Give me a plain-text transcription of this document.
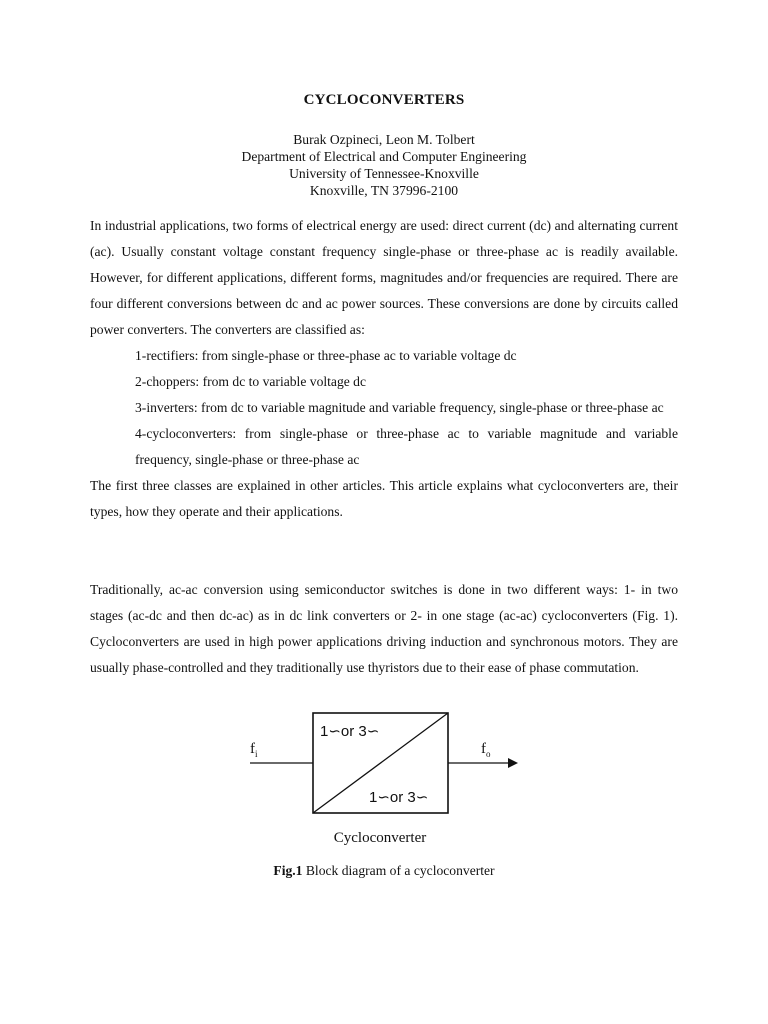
CYCLOCONVERTERS
Burak Ozpineci, Leon M. Tolbert
Department of Electrical and Computer Engineering
University of Tennessee-Knoxville
Knoxville, TN 37996-2100
In industrial applications, two forms of electrical energy are used: direct current (dc) and alternating current (ac). Usually constant voltage constant frequency single-phase or three-phase ac is readily available. However, for different applications, different forms, magnitudes and/or frequencies are required. There are four different conversions between dc and ac power sources. These conversions are done by circuits called power converters. The converters are classified as:
1-rectifiers: from single-phase or three-phase ac to variable voltage dc
2-choppers: from dc to variable voltage dc
3-inverters: from dc to variable magnitude and variable frequency, single-phase or three-phase ac
4-cycloconverters: from single-phase or three-phase ac to variable magnitude and variable frequency, single-phase or three-phase ac
The first three classes are explained in other articles. This article explains what cycloconverters are, their types, how they operate and their applications.
Traditionally, ac-ac conversion using semiconductor switches is done in two different ways: 1- in two stages (ac-dc and then dc-ac) as in dc link converters or 2- in one stage (ac-ac) cycloconverters (Fig. 1). Cycloconverters are used in high power applications driving induction and synchronous motors. They are usually phase-controlled and they traditionally use thyristors due to their ease of phase commutation.
$f_i$	$f_o$
1∽or 3∽
1∽or 3∽
Cycloconverter
Fig.1 Block diagram of a cycloconverter
